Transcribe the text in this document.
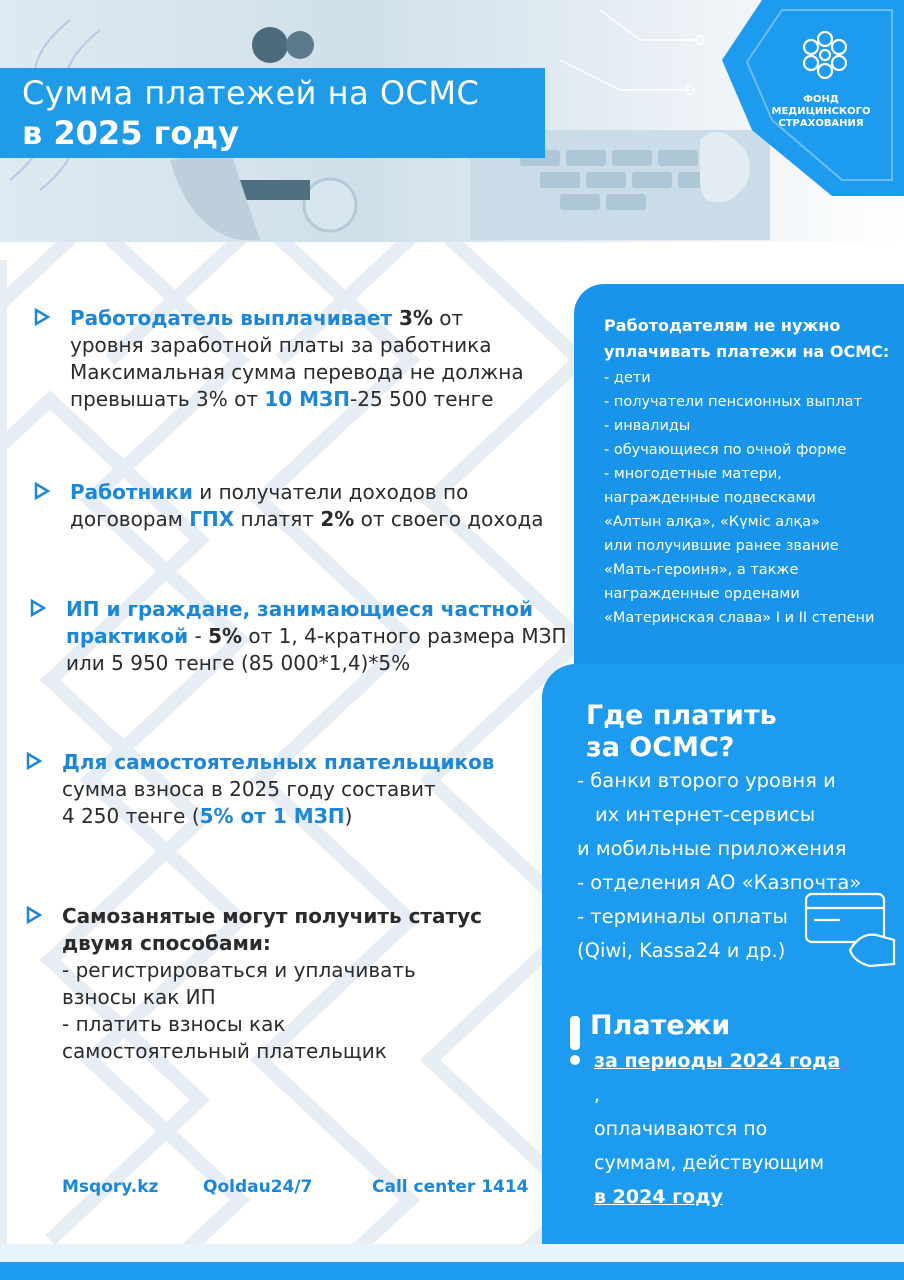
Сумма платежей на ОСМС
в 2025 году
ФОНД
МЕДИЦИНСКОГО
СТРАХОВАНИЯ
Работодатель выплачивает 3% от
уровня заработной платы за работника
Максимальная сумма перевода не должна
превышать 3% от 10 МЗП-25 500 тенге
Работники и получатели доходов по
договорам ГПХ платят 2% от своего дохода
ИП и граждане, занимающиеся частной
практикой - 5% от 1, 4-кратного размера МЗП
или 5 950 тенге (85 000*1,4)*5%
Для самостоятельных плательщиков
сумма взноса в 2025 году составит
4 250 тенге (5% от 1 МЗП)
Самозанятые могут получить статус
двумя способами:
- регистрироваться и уплачивать
взносы как ИП
- платить взносы как
самостоятельный плательщик
Работодателям не нужно
уплачивать платежи на ОСМС:
- дети
- получатели пенсионных выплат
- инвалиды
- обучающиеся по очной форме
- многодетные матери,
награжденные подвесками
«Алтын алқа», «Күміс алқа»
или получившие ранее звание
«Мать-героиня», а также
награжденные орденами
«Материнская слава» I и II степени
Где платить
за ОСМС?
- банки второго уровня и
их интернет-сервисы
и мобильные приложения
- отделения АО «Казпочта»
- терминалы оплаты
(Qiwi, Kassa24 и др.)
Платежи
за периоды 2024 года
,
оплачиваются по
суммам, действующим
в 2024 году
Msqory.kz	Qoldau24/7	Call center 1414
